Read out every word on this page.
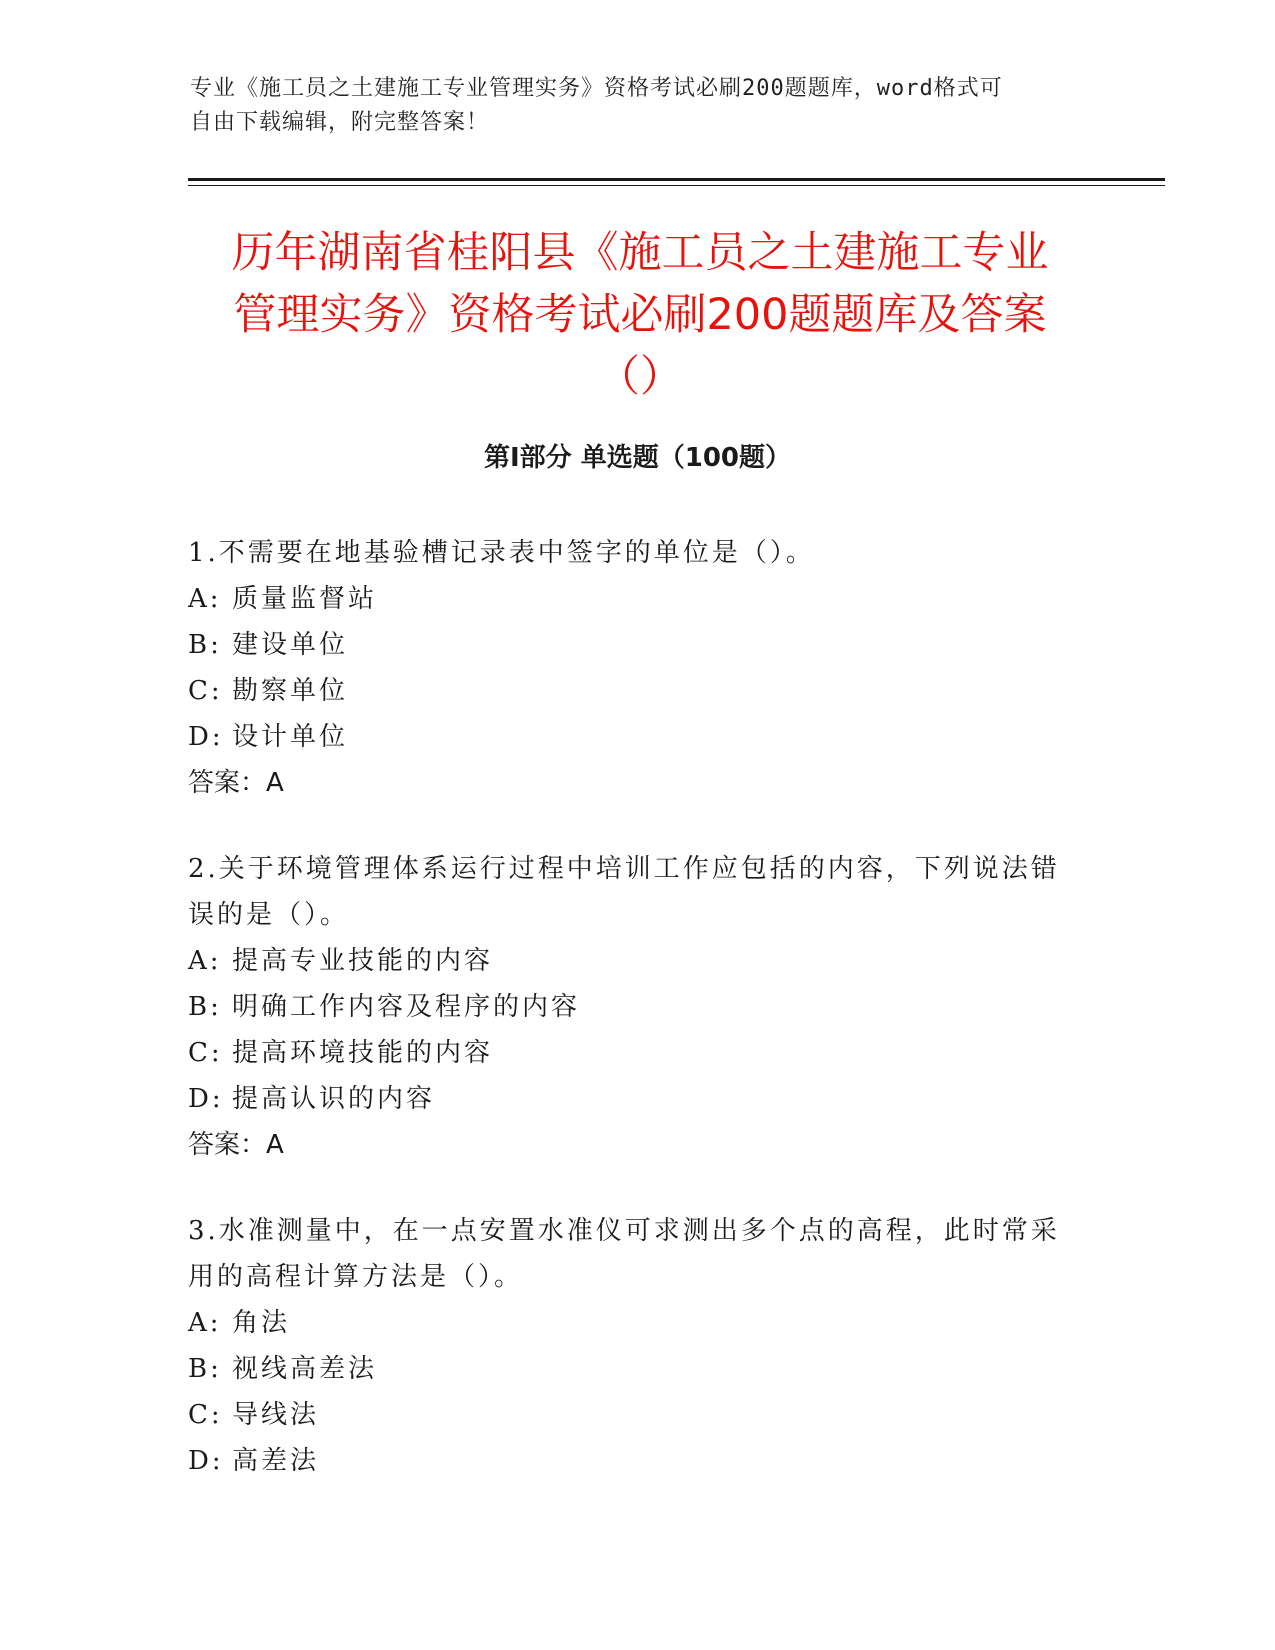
专业《施工员之土建施工专业管理实务》资格考试必刷200题题库，word格式可
自由下载编辑，附完整答案！
历年湖南省桂阳县《施工员之土建施工专业
管理实务》资格考试必刷200题题库及答案
（）
第Ⅰ部分 单选题（100题）
1.不需要在地基验槽记录表中签字的单位是（）。
A: 质量监督站
B: 建设单位
C: 勘察单位
D: 设计单位
答案：A
2.关于环境管理体系运行过程中培训工作应包括的内容，下列说法错
误的是（）。
A: 提高专业技能的内容
B: 明确工作内容及程序的内容
C: 提高环境技能的内容
D: 提高认识的内容
答案：A
3.水准测量中，在一点安置水准仪可求测出多个点的高程，此时常采
用的高程计算方法是（）。
A: 角法
B: 视线高差法
C: 导线法
D: 高差法
